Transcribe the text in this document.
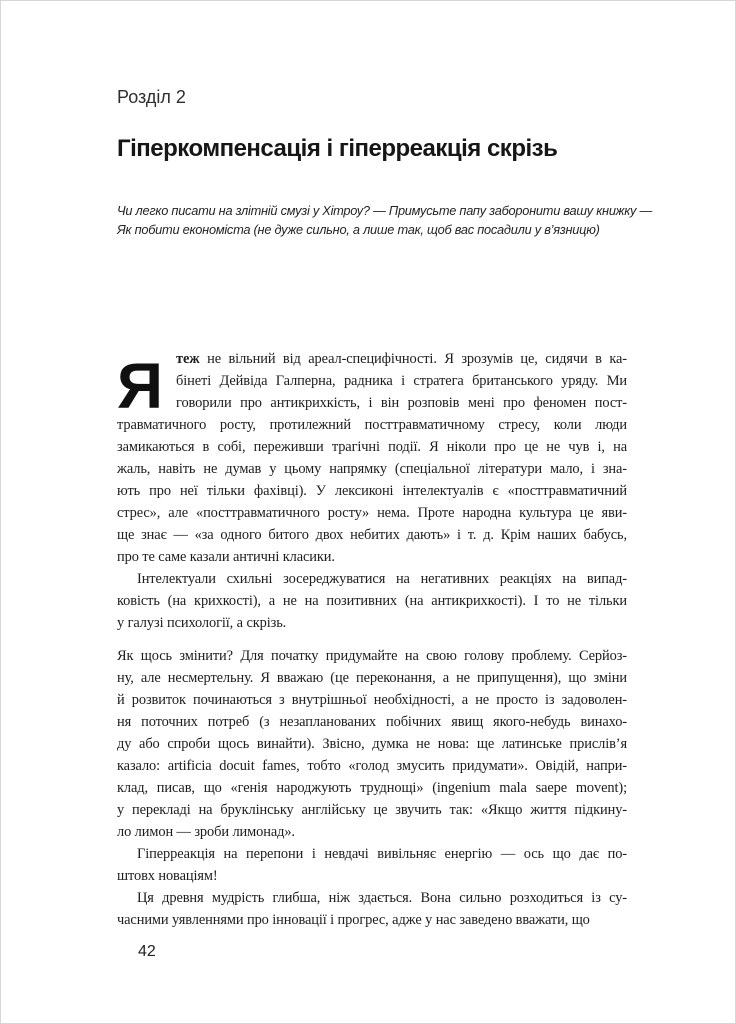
Розділ 2
Гіперкомпенсація і гіперреакція скрізь
Чи легко писати на злітній смузі у Хітроу? — Примусьте папу заборонити вашу книжку —
Як побити економіста (не дуже сильно, а лише так, щоб вас посадили у в’язницю)
Я теж не вільний від ареал-специфічності. Я зрозумів це, сидячи в ка-
бінеті Дейвіда Галперна, радника і стратега британського уряду. Ми
говорили про антикрихкість, і він розповів мені про феномен пост-
травматичного росту, протилежний посттравматичному стресу, коли люди
замикаються в собі, переживши трагічні події. Я ніколи про це не чув і, на
жаль, навіть не думав у цьому напрямку (спеціальної літератури мало, і зна-
ють про неї тільки фахівці). У лексиконі інтелектуалів є «посттравматичний
стрес», але «посттравматичного росту» нема. Проте народна культура це яви-
ще знає — «за одного битого двох небитих дають» і т. д. Крім наших бабусь,
про те саме казали античні класики.
Інтелектуали схильні зосереджуватися на негативних реакціях на випад-
ковість (на крихкості), а не на позитивних (на антикрихкості). І то не тільки
у галузі психології, а скрізь.
Як щось змінити? Для початку придумайте на свою голову проблему. Серйоз-
ну, але несмертельну. Я вважаю (це переконання, а не припущення), що зміни
й розвиток починаються з внутрішньої необхідності, а не просто із задоволен-
ня поточних потреб (з незапланованих побічних явищ якого-небудь винахо-
ду або спроби щось винайти). Звісно, думка не нова: ще латинське прислів’я
казало: artificia docuit fames, тобто «голод змусить придумати». Овідій, напри-
клад, писав, що «генія народжують труднощі» (ingenium mala saepe movent);
у перекладі на бруклінську англійську це звучить так: «Якщо життя підкину-
ло лимон — зроби лимонад».
Гіперреакція на перепони і невдачі вивільняє енергію — ось що дає по-
штовх новаціям!
Ця древня мудрість глибша, ніж здається. Вона сильно розходиться із су-
часними уявленнями про інновації і прогрес, адже у нас заведено вважати, що
42
